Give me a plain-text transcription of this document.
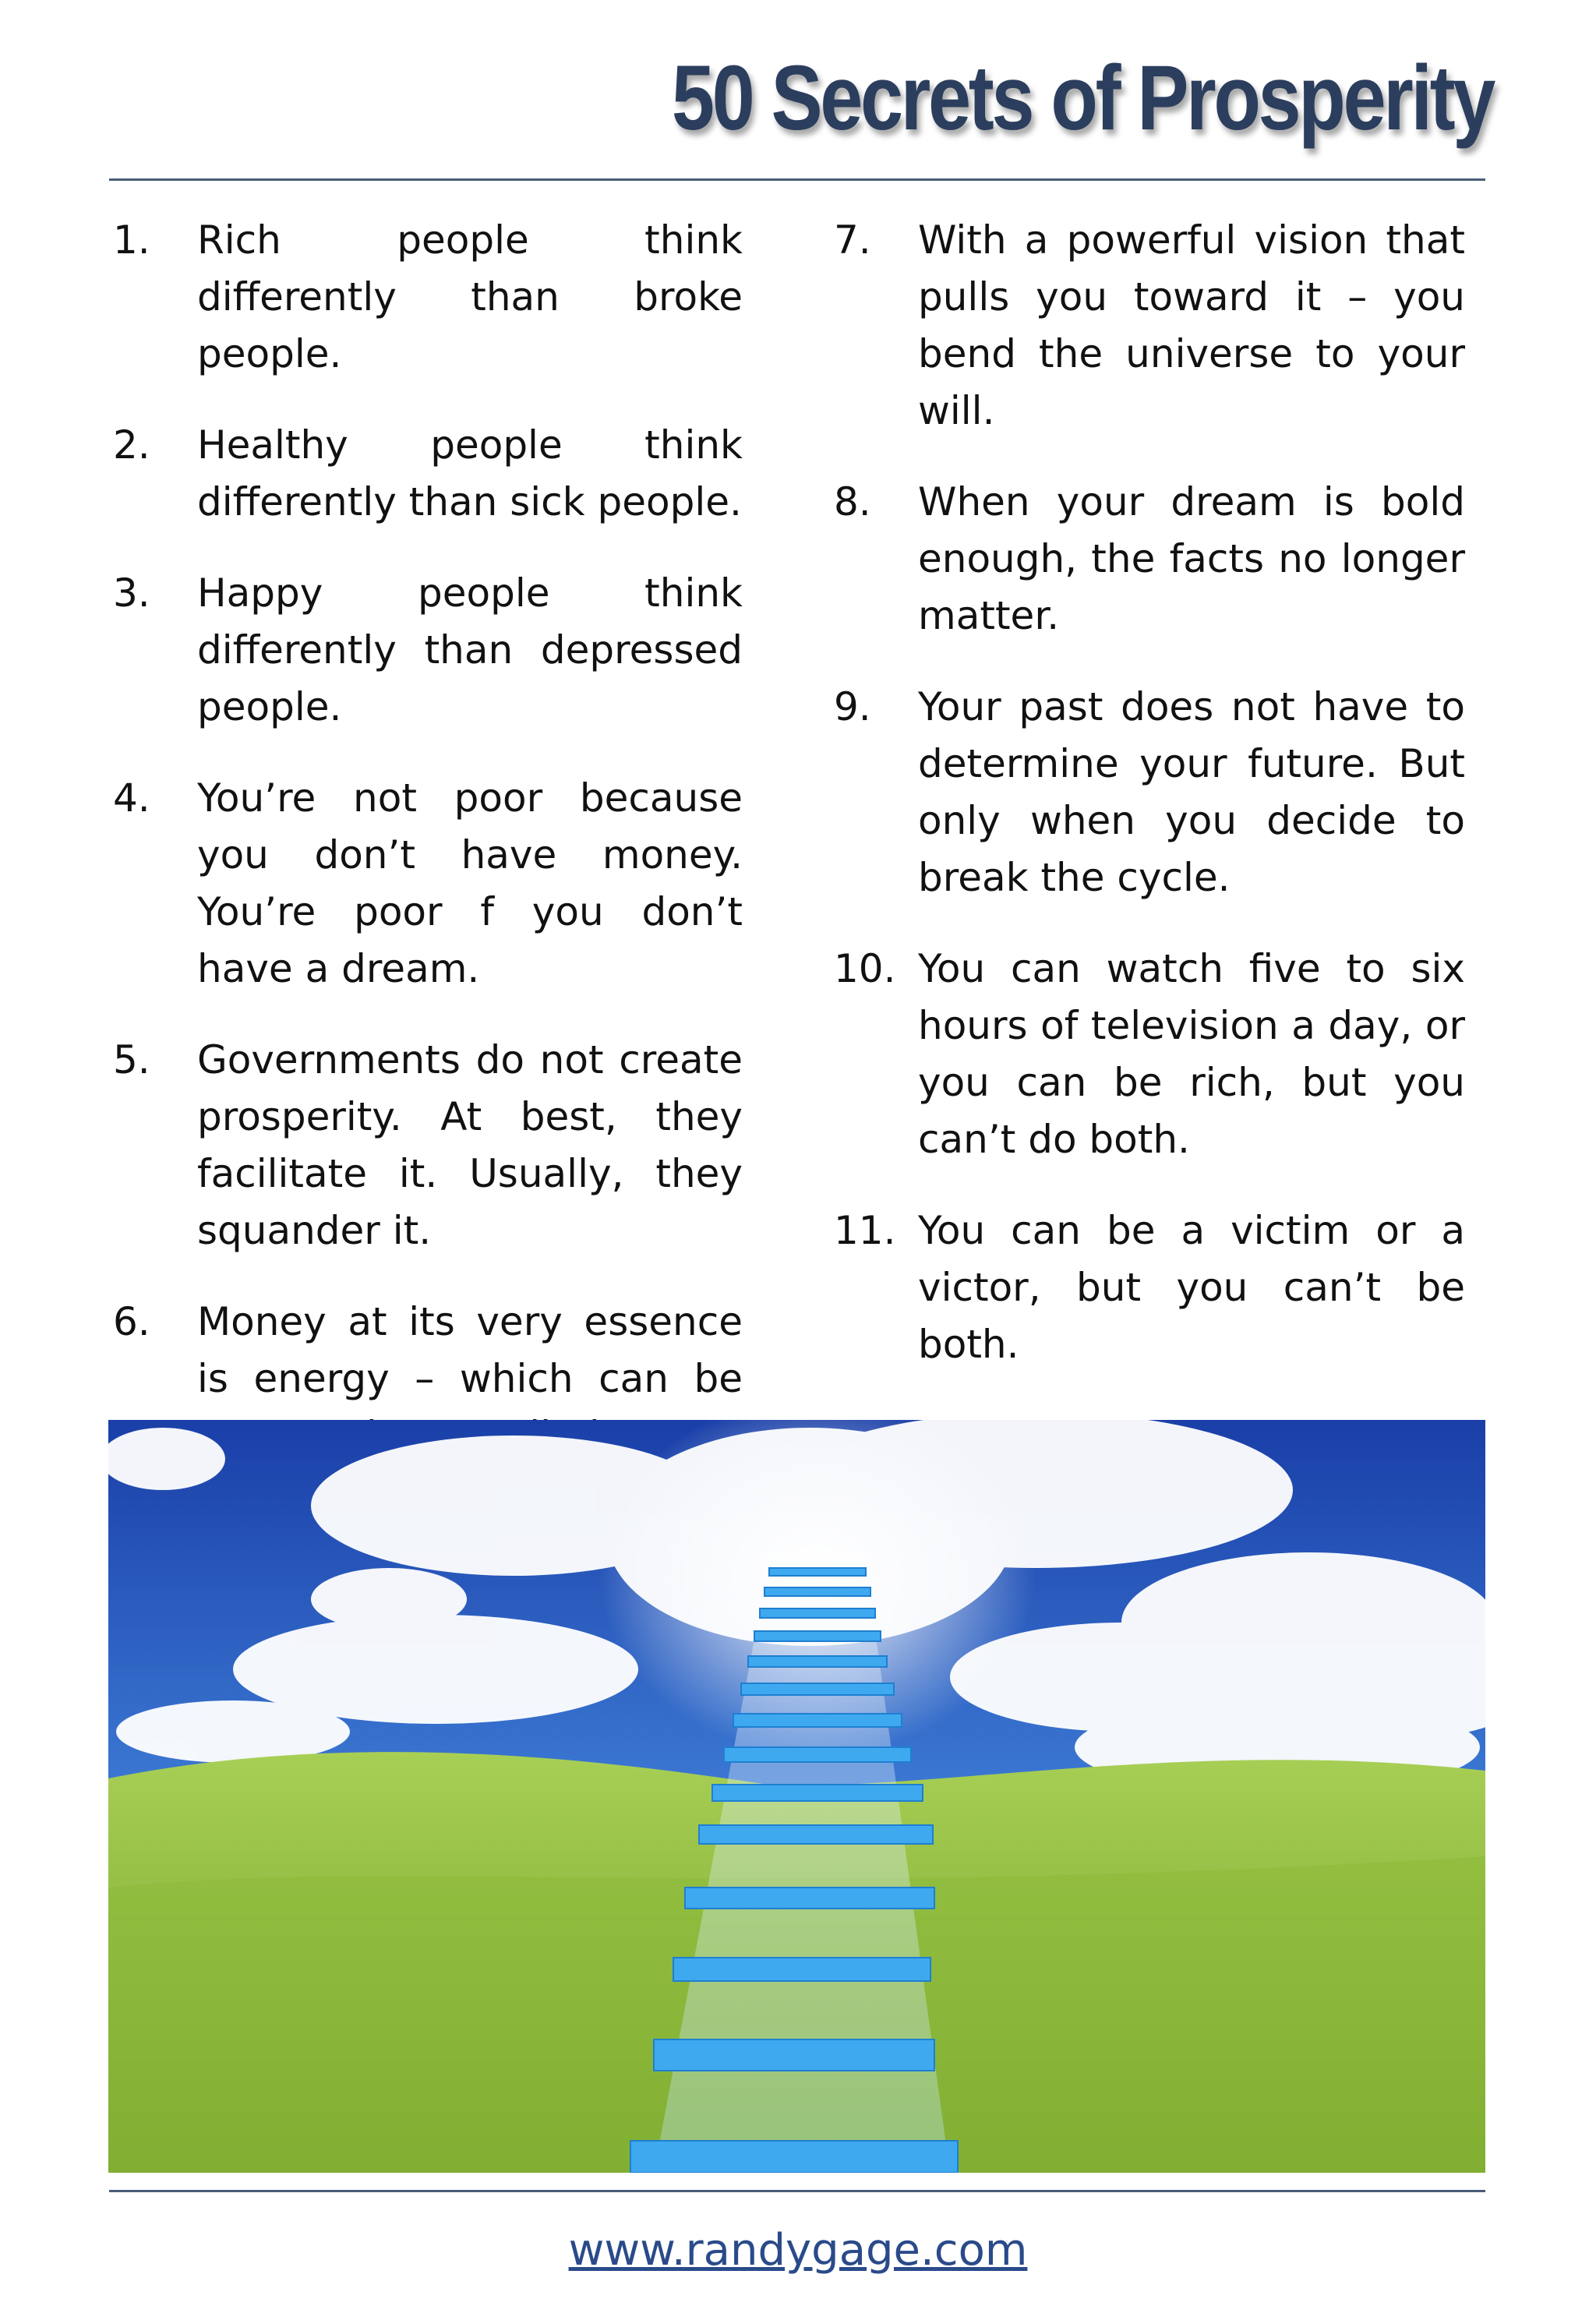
50 Secrets of Prosperity
1.	Rich people think differently than broke people.
2.	Healthy people think differently than sick people.
3.	Happy people think differently than depressed people.
4.	You’re not poor because you don’t have money. You’re poor f you don’t have a dream.
5.	Governments do not create prosperity. At best, they facilitate it. Usually, they squander it.
6.	Money at its very essence is energy – which can be
7.	With a powerful vision that pulls you toward it – you bend the universe to your will.
8.	When your dream is bold enough, the facts no longer matter.
9.	Your past does not have to determine your future. But only when you decide to break the cycle.
10. You can watch five to six hours of television a day, or you can be rich, but you can’t do both.
11. You can be a victim or a victor, but you can’t be both.
www.randygage.com
